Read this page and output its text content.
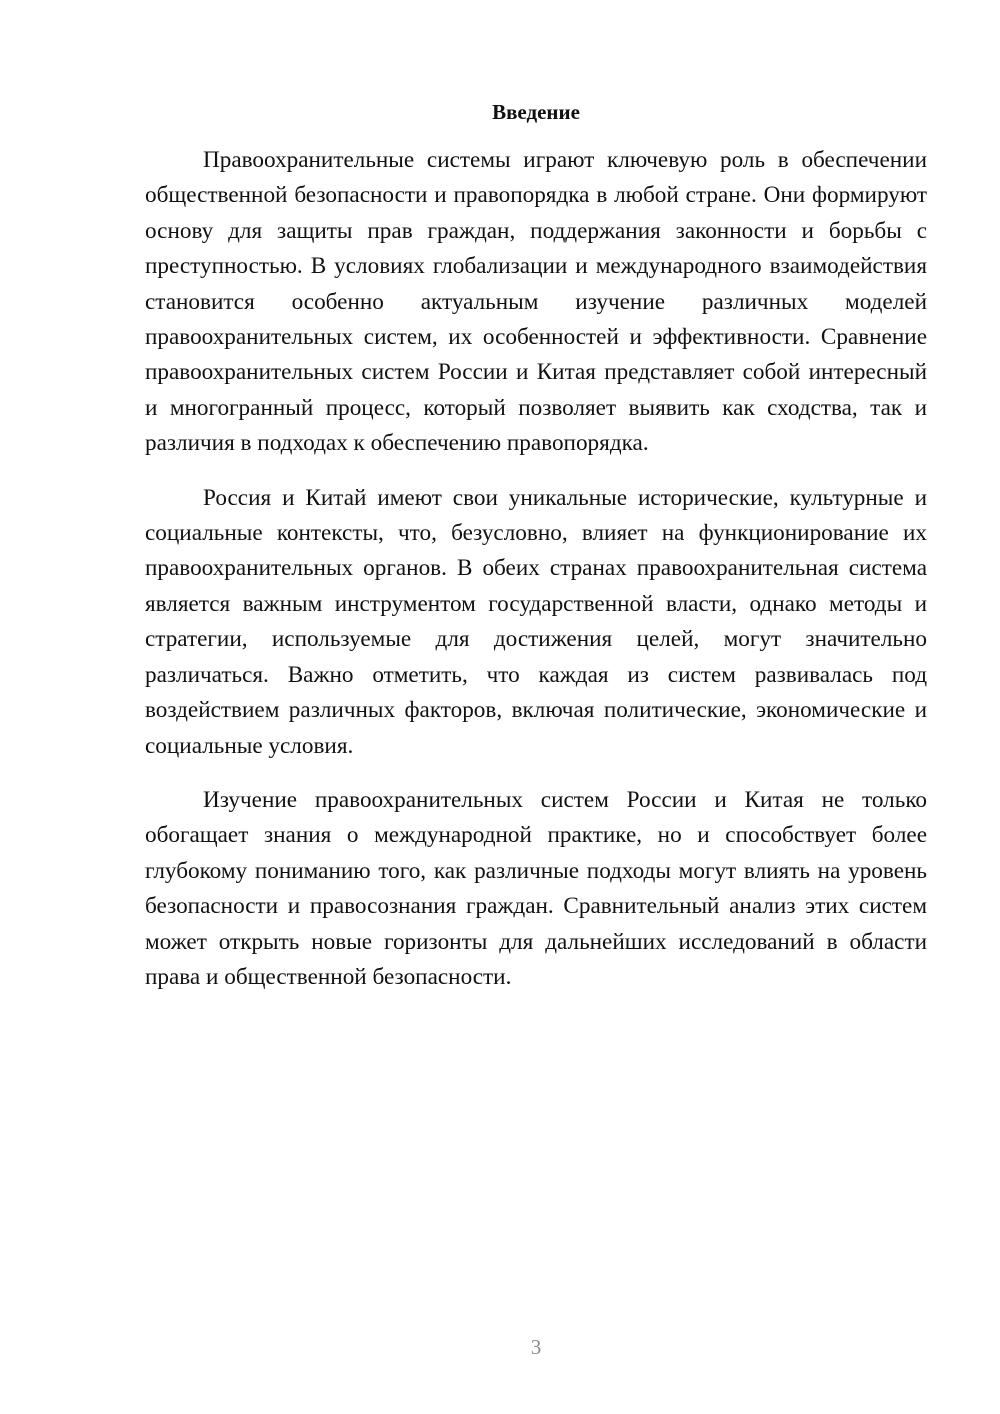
Введение

Правоохранительные системы играют ключевую роль в обеспечении общественной безопасности и правопорядка в любой стране. Они формируют основу для защиты прав граждан, поддержания законности и борьбы с преступностью. В условиях глобализации и международного взаимодействия становится особенно актуальным изучение различных моделей правоохранительных систем, их особенностей и эффективности. Сравнение правоохранительных систем России и Китая представляет собой интересный и многогранный процесс, который позволяет выявить как сходства, так и различия в подходах к обеспечению правопорядка.

Россия и Китай имеют свои уникальные исторические, культурные и социальные контексты, что, безусловно, влияет на функционирование их правоохранительных органов. В обеих странах правоохранительная система является важным инструментом государственной власти, однако методы и стратегии, используемые для достижения целей, могут значительно различаться. Важно отметить, что каждая из систем развивалась под воздействием различных факторов, включая политические, экономические и социальные условия.

Изучение правоохранительных систем России и Китая не только обогащает знания о международной практике, но и способствует более глубокому пониманию того, как различные подходы могут влиять на уровень безопасности и правосознания граждан. Сравнительный анализ этих систем может открыть новые горизонты для дальнейших исследований в области права и общественной безопасности.

3
